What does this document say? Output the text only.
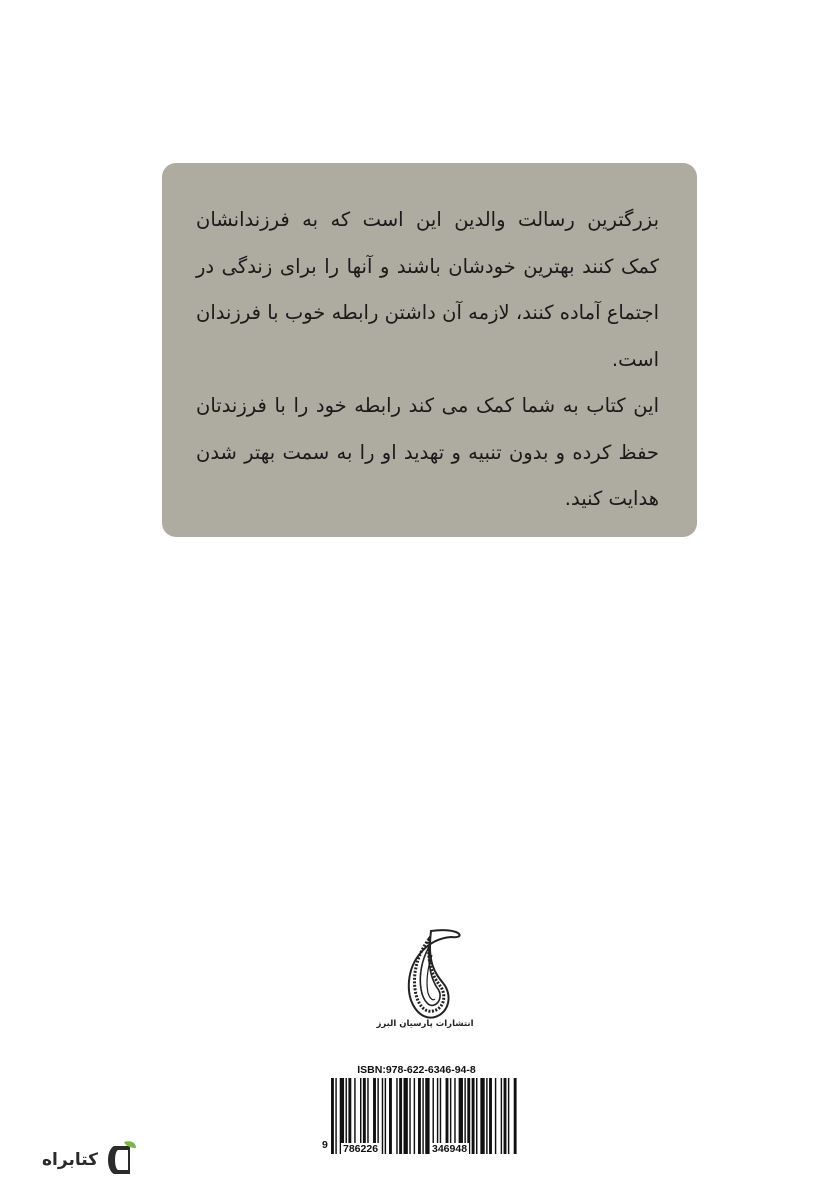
بزرگترین رسالت والدین این است که به فرزندانشان کمک کنند بهترین خودشان باشند و آنها را برای زندگی در اجتماع آماده کنند، لازمه آن داشتن رابطه خوب با فرزندان است.

این کتاب به شما کمک می کند رابطه خود را با فرزندتان حفظ کرده و بدون تنبیه و تهدید او را به سمت بهتر شدن هدایت کنید.

انتشارات پارسیان البرز
ISBN:978-622-6346-94-8
9 786226	346948
کتابراه
